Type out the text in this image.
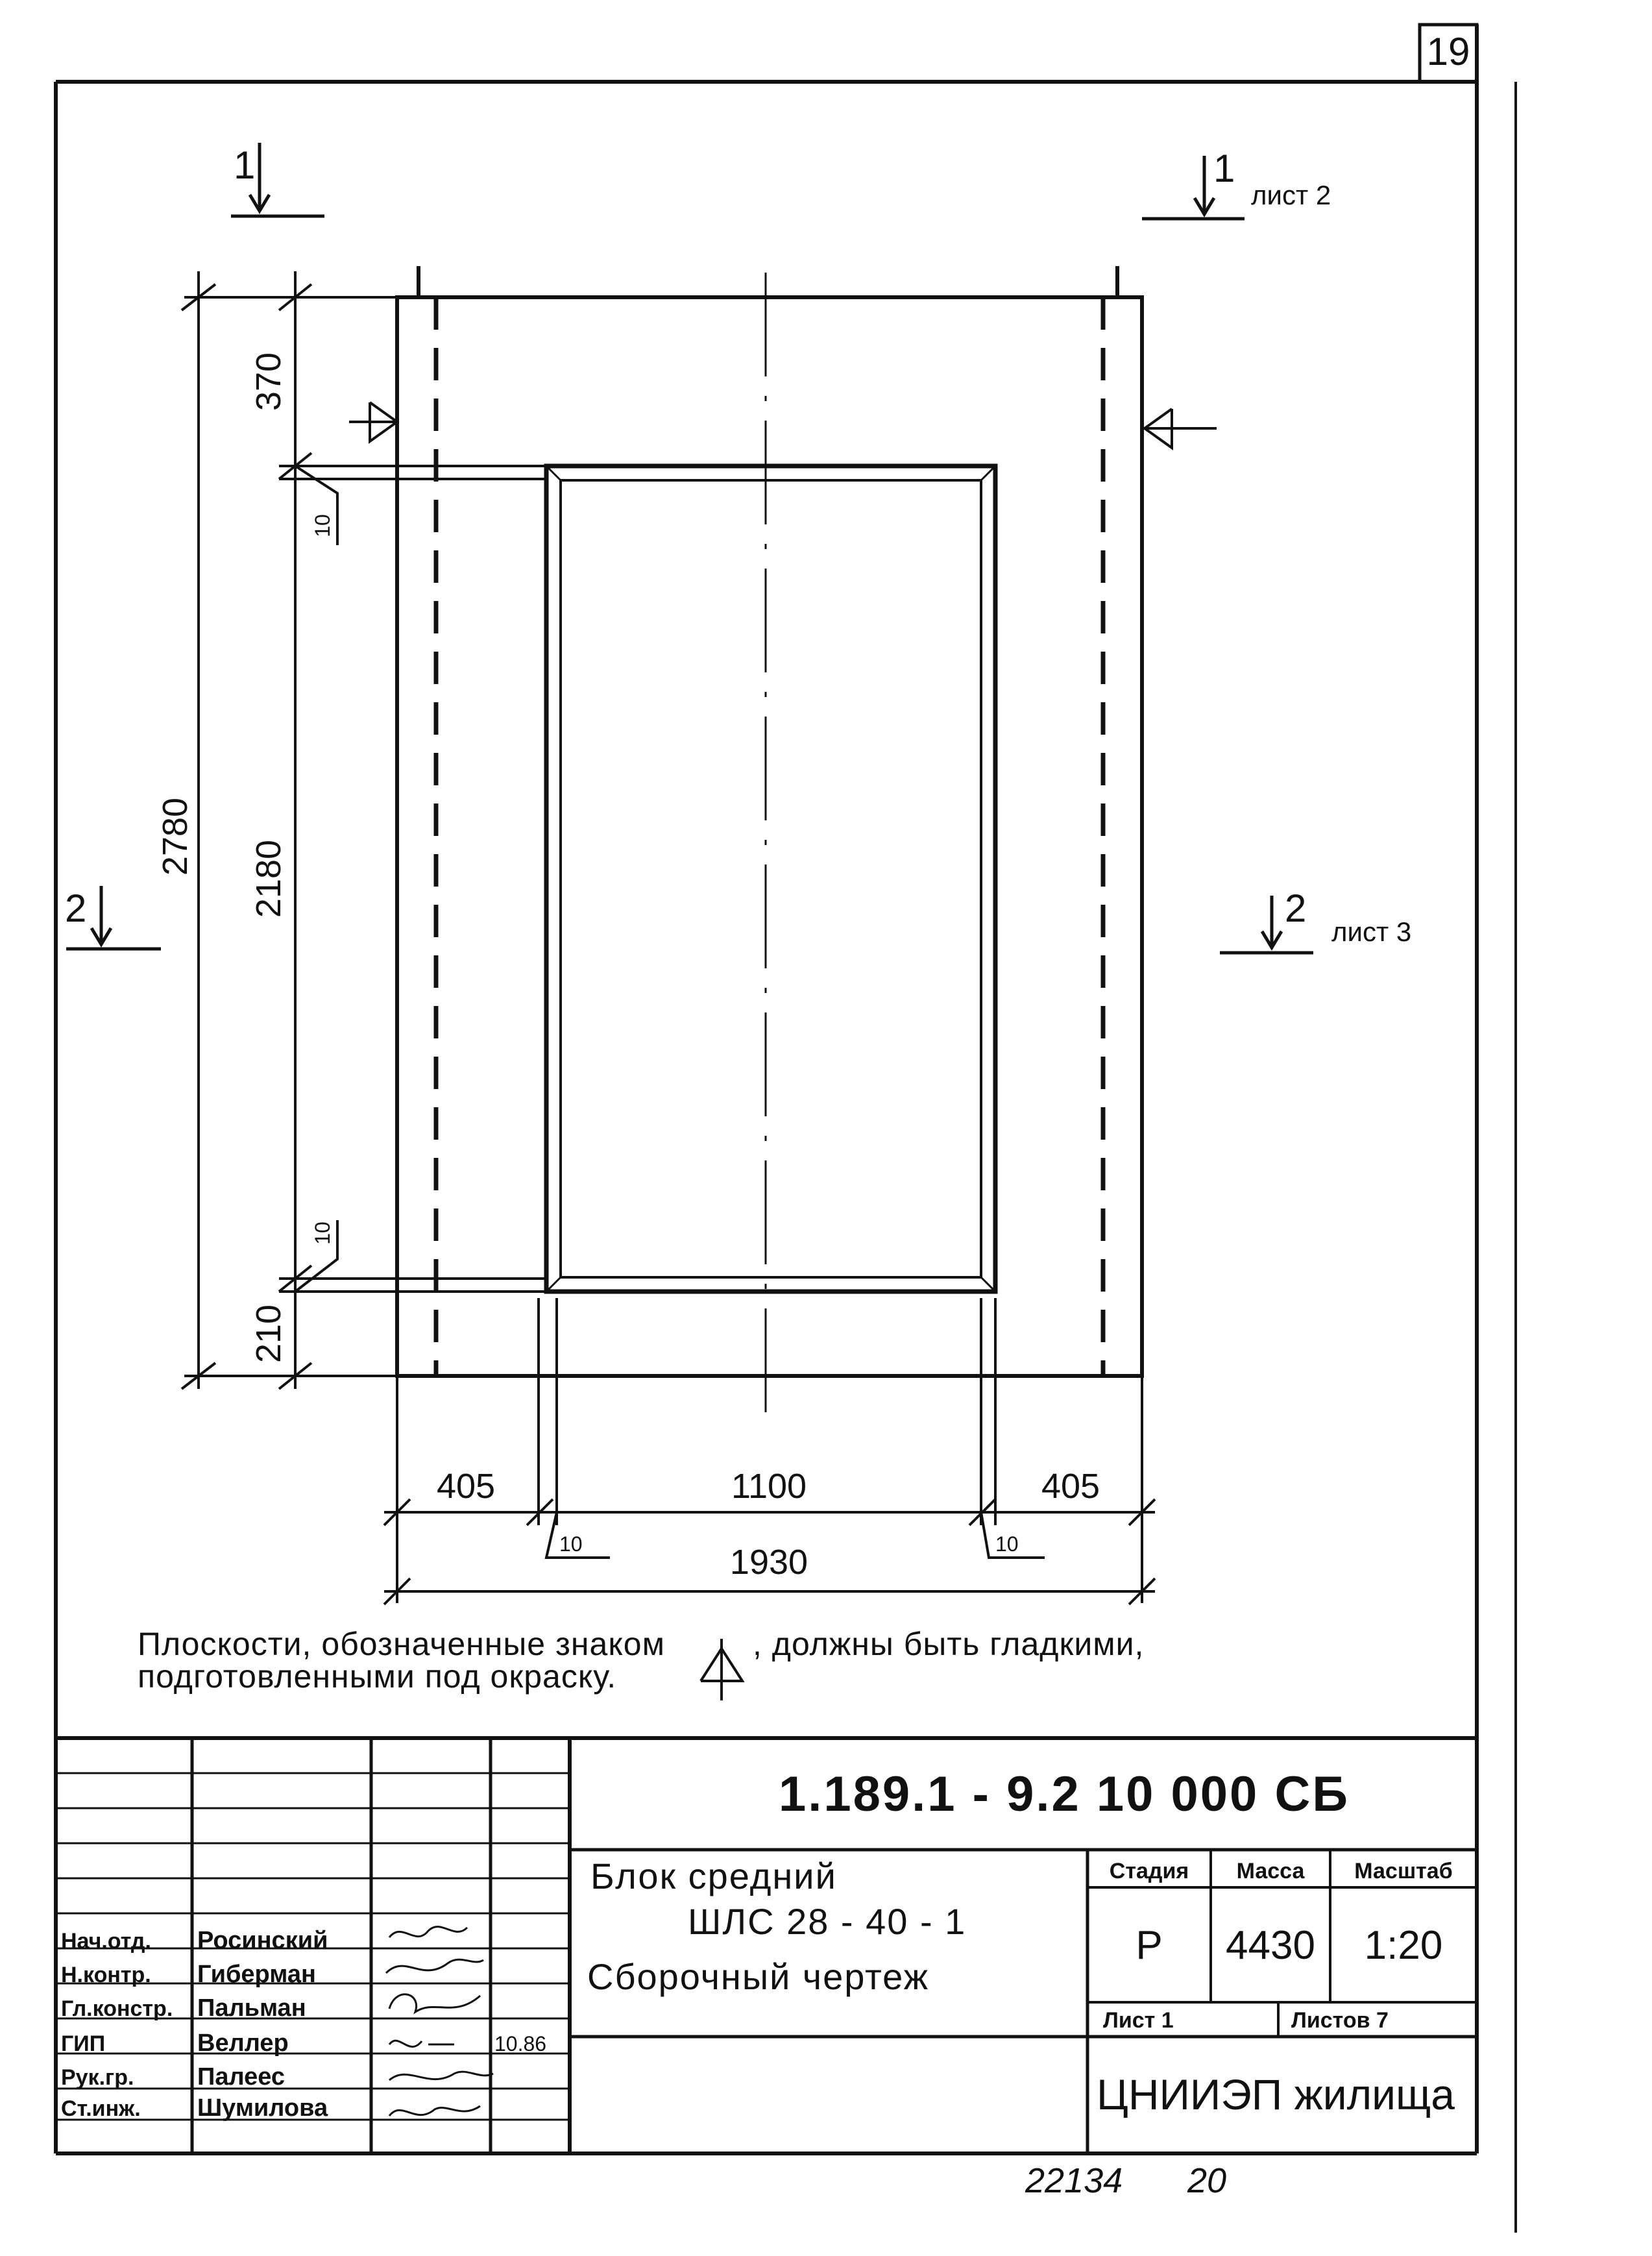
19
1	1
лист 2
2	2
лист 3
2780
370
10
2180
10
210
405	1100	405
10	10
1930
Плоскости, обозначенные знаком	, должны быть гладкими,
подготовленными под окраску.
1.189.1 - 9.2 10 000 СБ
Блок средний
ШЛС 28 - 40 - 1
Сборочный чертеж
Стадия Масса Масштаб
Р 4430 1:20
Лист 1	Листов 7
ЦНИИЭП жилища
Нач.отд. Росинский
Н.контр. Гиберман
Гл.констр. Пальман
ГИП	Веллер	10.86
Рук.гр.	Палеес
Ст.инж. Шумилова
22134 20
